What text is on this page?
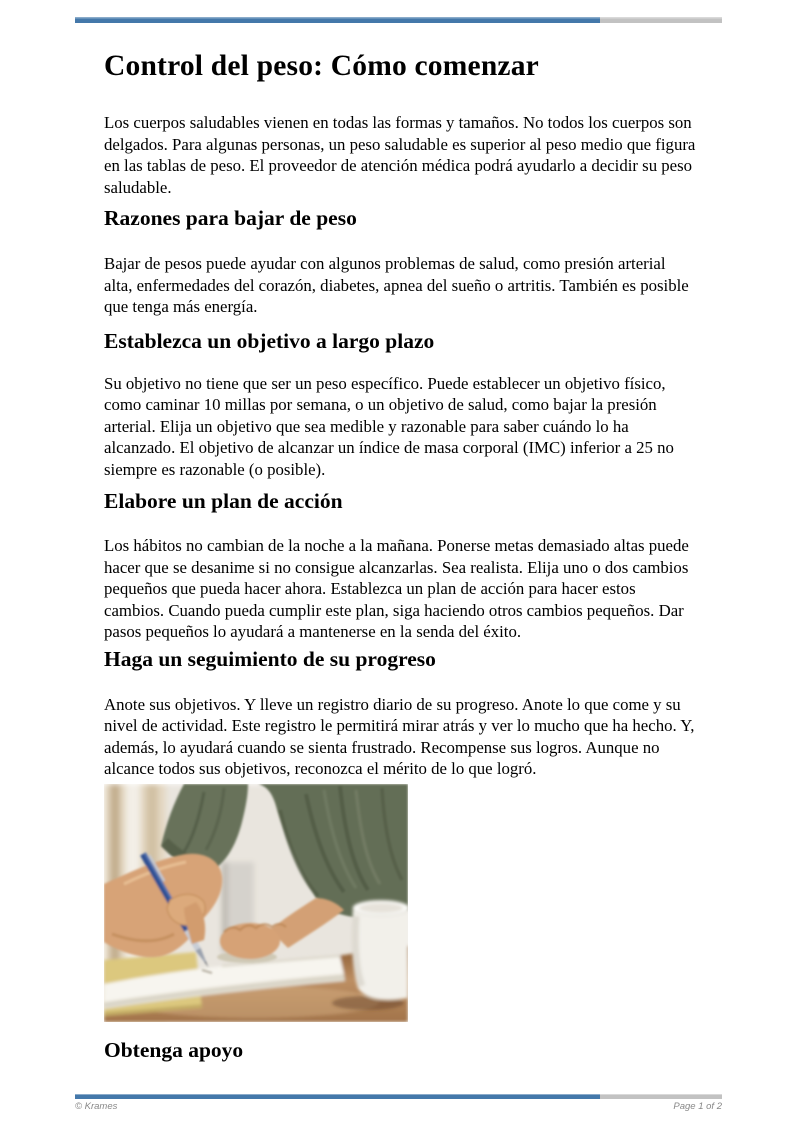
Control del peso: Cómo comenzar

Los cuerpos saludables vienen en todas las formas y tamaños. No todos los cuerpos son delgados. Para algunas personas, un peso saludable es superior al peso medio que figura en las tablas de peso. El proveedor de atención médica podrá ayudarlo a decidir su peso saludable.

Razones para bajar de peso

Bajar de pesos puede ayudar con algunos problemas de salud, como presión arterial alta, enfermedades del corazón, diabetes, apnea del sueño o artritis. También es posible que tenga más energía.

Establezca un objetivo a largo plazo

Su objetivo no tiene que ser un peso específico. Puede establecer un objetivo físico, como caminar 10 millas por semana, o un objetivo de salud, como bajar la presión arterial. Elija un objetivo que sea medible y razonable para saber cuándo lo ha alcanzado. El objetivo de alcanzar un índice de masa corporal (IMC) inferior a 25 no siempre es razonable (o posible).

Elabore un plan de acción

Los hábitos no cambian de la noche a la mañana. Ponerse metas demasiado altas puede hacer que se desanime si no consigue alcanzarlas. Sea realista. Elija uno o dos cambios pequeños que pueda hacer ahora. Establezca un plan de acción para hacer estos cambios. Cuando pueda cumplir este plan, siga haciendo otros cambios pequeños. Dar pasos pequeños lo ayudará a mantenerse en la senda del éxito.

Haga un seguimiento de su progreso

Anote sus objetivos. Y lleve un registro diario de su progreso. Anote lo que come y su nivel de actividad. Este registro le permitirá mirar atrás y ver lo mucho que ha hecho. Y, además, lo ayudará cuando se sienta frustrado. Recompense sus logros. Aunque no alcance todos sus objetivos, reconozca el mérito de lo que logró.

Obtenga apoyo
© Krames	Page 1 of 2
